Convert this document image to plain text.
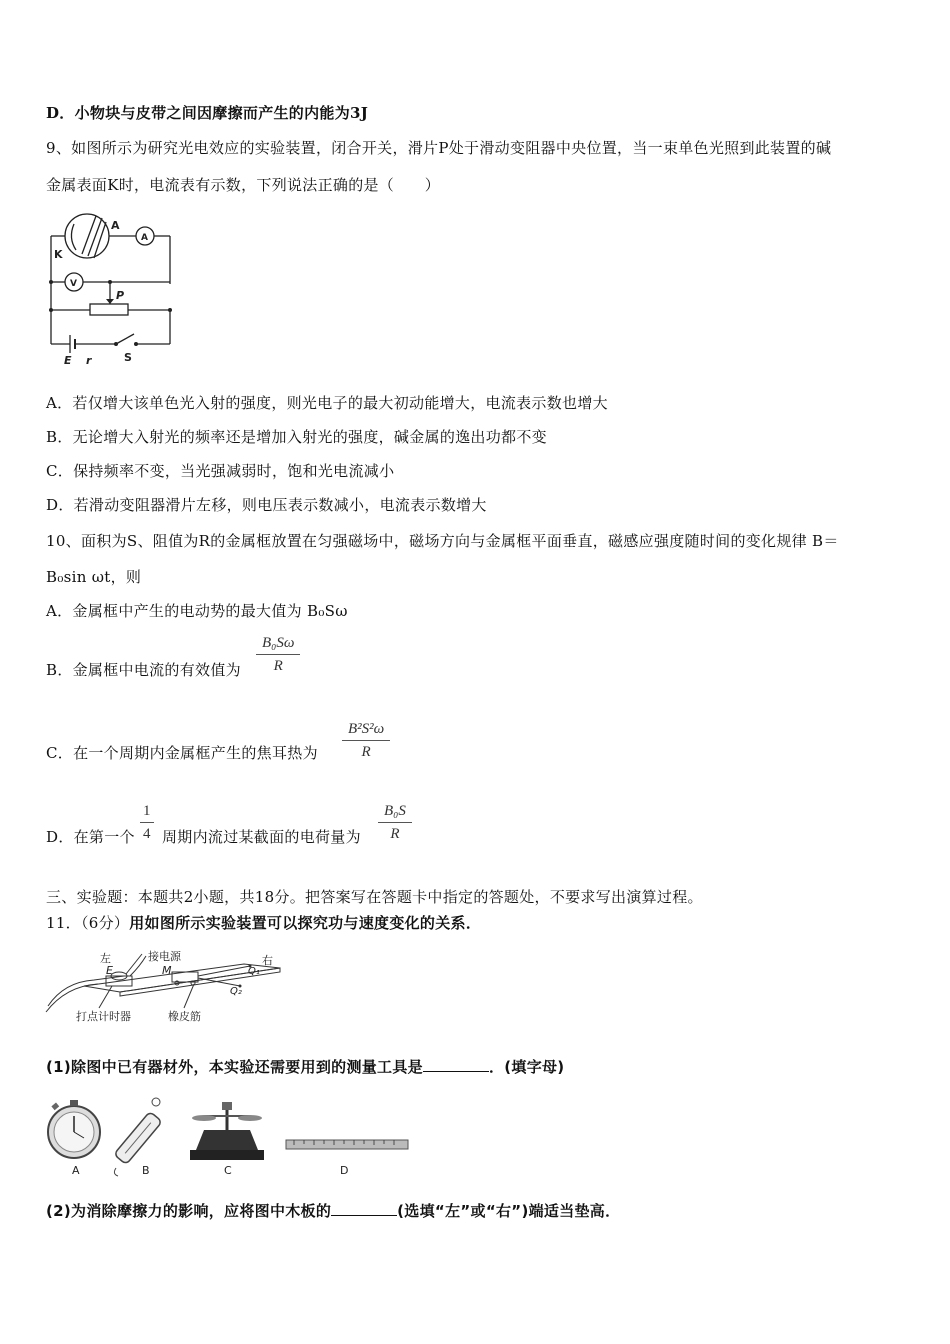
D．小物块与皮带之间因摩擦而产生的内能为3J
9、如图所示为研究光电效应的实验装置，闭合开关，滑片P处于滑动变阻器中央位置，当一束单色光照到此装置的碱
金属表面K时，电流表有示数，下列说法正确的是（　　）
K
A
A
V
P
E r	S
A．若仅增大该单色光入射的强度，则光电子的最大初动能增大，电流表示数也增大
B．无论增大入射光的频率还是增加入射光的强度，碱金属的逸出功都不变
C．保持频率不变，当光强减弱时，饱和光电流减小
D．若滑动变阻器滑片左移，则电压表示数减小，电流表示数增大
10、面积为S、阻值为R的金属框放置在匀强磁场中，磁场方向与金属框平面垂直，磁感应强度随时间的变化规律 B＝
B₀sin ωt，则
A．金属框中产生的电动势的最大值为 B₀Sω
B．金属框中电流的有效值为 $\frac{\text{B₀Sω}}{R}$
C．在一个周期内金属框产生的焦耳热为 $\frac{\text{B²S²ω}}{R}$
D．在第一个 $\frac{1}{4}$ 周期内流过某截面的电荷量为 $\frac{\text{B₀S}}{R}$
三、实验题：本题共2小题，共18分。把答案写在答题卡中指定的答题处，不要求写出演算过程。
11．（6分）用如图所示实验装置可以探究功与速度变化的关系．
左	接电源	右
E	M	Q₁
Q₂
打点计时器	橡皮筋
(1)除图中已有器材外，本实验还需要用到的测量工具是	．(填字母)
A	B	C	D
(2)为消除摩擦力的影响，应将图中木板的	(选填“左”或“右”)端适当垫高．
